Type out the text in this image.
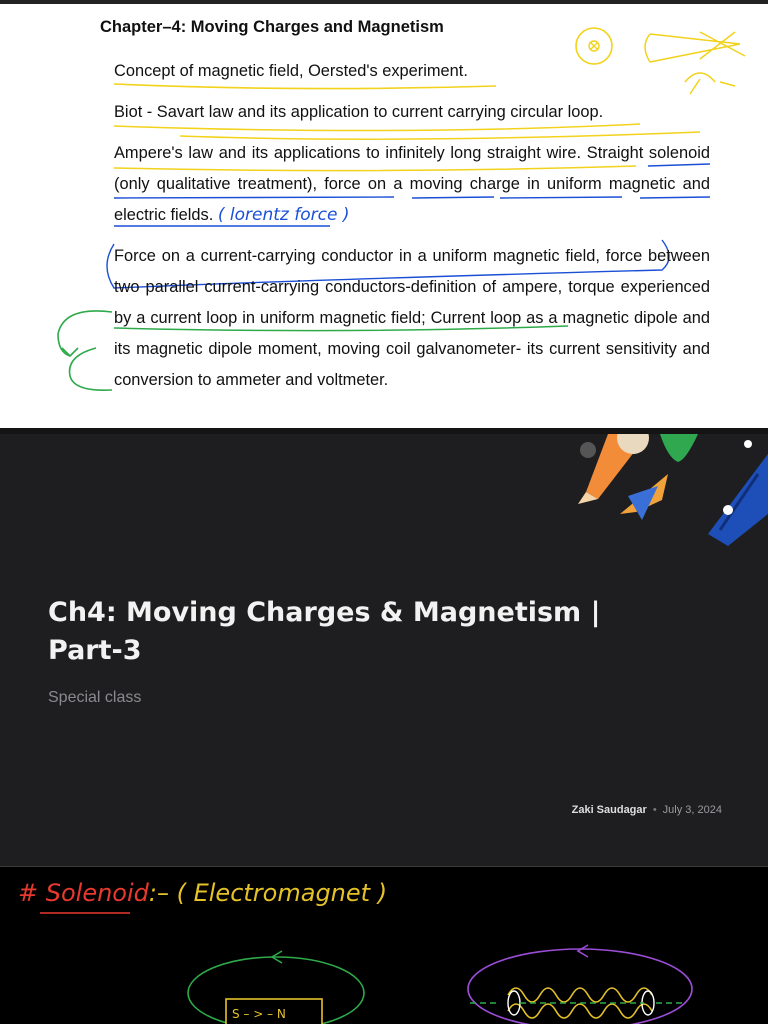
Chapter–4: Moving Charges and Magnetism

Concept of magnetic field, Oersted's experiment.

Biot - Savart law and its application to current carrying circular loop.

Ampere's law and its applications to infinitely long straight wire. Straight solenoid (only qualitative treatment), force on a moving charge in uniform magnetic and electric fields. ( lorentz force )

Force on a current-carrying conductor in a uniform magnetic field, force between two parallel current-carrying conductors-definition of ampere, torque experienced by a current loop in uniform magnetic field; Current loop as a magnetic dipole and its magnetic dipole moment, moving coil galvanometer- its current sensitivity and conversion to ammeter and voltmeter.

Ch4: Moving Charges & Magnetism | Part-3
Special class
Zaki Saudagar • July 3, 2024
# Solenoid:– ( Electromagnet )
S – > – N
